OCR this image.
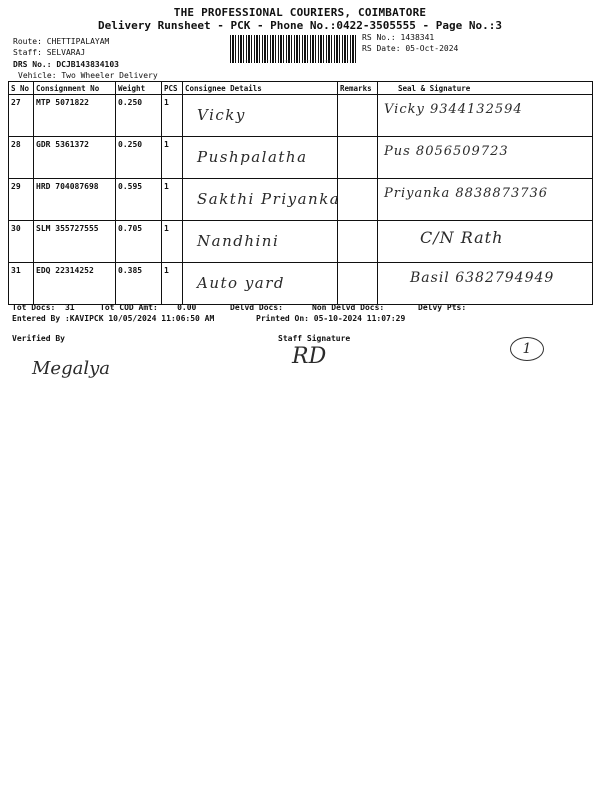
THE PROFESSIONAL COURIERS, COIMBATORE
Delivery Runsheet - PCK - Phone No.:0422-3505555 - Page No.:3
Route: CHETTIPALAYAM
Staff: SELVARAJ
DRS No.: DCJB143834103
Vehicle: Two Wheeler Delivery
RS No.: 1438341
RS Date: 05-Oct-2024
S No	Consignment No	Weight	PCS	Consignee Details	Remarks	Seal & Signature
27	MTP 5071822	0.250	1	Vicky		Vicky 9344132594

28	GDR 5361372	0.250	1	Pushpalatha		Pus 8056509723

29	HRD 704087698	0.595	1	Sakthi Priyanka		Priyanka 8838873736

30	SLM 355727555	0.705	1	Nandhini		C/N Rath

31	EDQ 22314252	0.385	1	Auto yard		Basil 6382794949
Tot Docs:  31	Tot COD Amt:    0.00	Delvd Docs:	Non Delvd Docs:	Delvy Pts:
Entered By :KAVIPCK 10/05/2024 11:06:50 AM	Printed On: 05-10-2024 11:07:29
Verified By	Staff Signature
Megalya	RD	1
